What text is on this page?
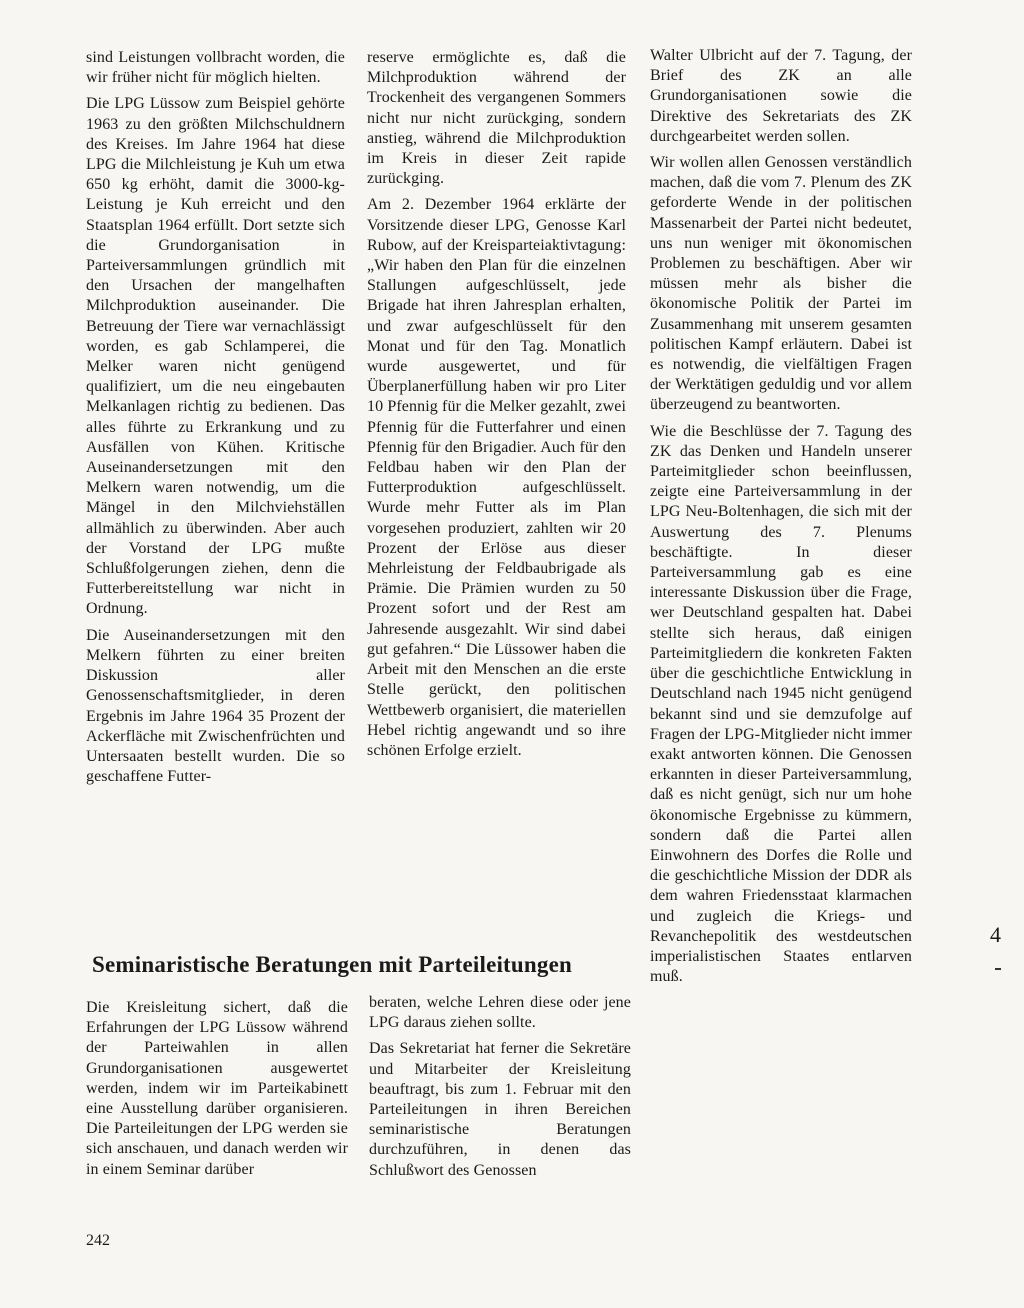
sind Leistungen vollbracht worden, die wir früher nicht für möglich hielten.

Die LPG Lüssow zum Beispiel gehörte 1963 zu den größten Milchschuldnern des Kreises. Im Jahre 1964 hat diese LPG die Milchleistung je Kuh um etwa 650 kg erhöht, damit die 3000-kg-Leistung je Kuh erreicht und den Staatsplan 1964 erfüllt. Dort setzte sich die Grundorganisation in Parteiversammlungen gründlich mit den Ursachen der mangelhaften Milchproduktion auseinander. Die Betreuung der Tiere war vernachlässigt worden, es gab Schlamperei, die Melker waren nicht genügend qualifiziert, um die neu eingebauten Melkanlagen richtig zu bedienen. Das alles führte zu Erkrankung und zu Ausfällen von Kühen. Kritische Auseinandersetzungen mit den Melkern waren notwendig, um die Mängel in den Milchviehställen allmählich zu überwinden. Aber auch der Vorstand der LPG mußte Schlußfolgerungen ziehen, denn die Futterbereitstellung war nicht in Ordnung.

Die Auseinandersetzungen mit den Melkern führten zu einer breiten Diskussion aller Genossenschaftsmitglieder, in deren Ergebnis im Jahre 1964 35 Prozent der Ackerfläche mit Zwischenfrüchten und Untersaaten bestellt wurden. Die so geschaffene Futter-

reserve ermöglichte es, daß die Milchproduktion während der Trockenheit des vergangenen Sommers nicht nur nicht zurückging, sondern anstieg, während die Milchproduktion im Kreis in dieser Zeit rapide zurückging.

Am 2. Dezember 1964 erklärte der Vorsitzende dieser LPG, Genosse Karl Rubow, auf der Kreisparteiaktivtagung: „Wir haben den Plan für die einzelnen Stallungen aufgeschlüsselt, jede Brigade hat ihren Jahresplan erhalten, und zwar aufgeschlüsselt für den Monat und für den Tag. Monatlich wurde ausgewertet, und für Überplanerfüllung haben wir pro Liter 10 Pfennig für die Melker gezahlt, zwei Pfennig für die Futterfahrer und einen Pfennig für den Brigadier. Auch für den Feldbau haben wir den Plan der Futterproduktion aufgeschlüsselt. Wurde mehr Futter als im Plan vorgesehen produziert, zahlten wir 20 Prozent der Erlöse aus dieser Mehrleistung der Feldbaubrigade als Prämie. Die Prämien wurden zu 50 Prozent sofort und der Rest am Jahresende ausgezahlt. Wir sind dabei gut gefahren.“ Die Lüssower haben die Arbeit mit den Menschen an die erste Stelle gerückt, den politischen Wettbewerb organisiert, die materiellen Hebel richtig angewandt und so ihre schönen Erfolge erzielt.

Walter Ulbricht auf der 7. Tagung, der Brief des ZK an alle Grundorganisationen sowie die Direktive des Sekretariats des ZK durchgearbeitet werden sollen.

Wir wollen allen Genossen verständlich machen, daß die vom 7. Plenum des ZK geforderte Wende in der politischen Massenarbeit der Partei nicht bedeutet, uns nun weniger mit ökonomischen Problemen zu beschäftigen. Aber wir müssen mehr als bisher die ökonomische Politik der Partei im Zusammenhang mit unserem gesamten politischen Kampf erläutern. Dabei ist es notwendig, die vielfältigen Fragen der Werktätigen geduldig und vor allem überzeugend zu beantworten.

Wie die Beschlüsse der 7. Tagung des ZK das Denken und Handeln unserer Parteimitglieder schon beeinflussen, zeigte eine Parteiversammlung in der LPG Neu-Boltenhagen, die sich mit der Auswertung des 7. Plenums beschäftigte. In dieser Parteiversammlung gab es eine interessante Diskussion über die Frage, wer Deutschland gespalten hat. Dabei stellte sich heraus, daß einigen Parteimitgliedern die konkreten Fakten über die geschichtliche Entwicklung in Deutschland nach 1945 nicht genügend bekannt sind und sie demzufolge auf Fragen der LPG-Mitglieder nicht immer exakt antworten können. Die Genossen erkannten in dieser Parteiversammlung, daß es nicht genügt, sich nur um hohe ökonomische Ergebnisse zu kümmern, sondern daß die Partei allen Einwohnern des Dorfes die Rolle und die geschichtliche Mission der DDR als dem wahren Friedensstaat klarmachen und zugleich die Kriegs- und Revanchepolitik des westdeutschen imperialistischen Staates entlarven muß.

Seminaristische Beratungen mit Parteileitungen

Die Kreisleitung sichert, daß die Erfahrungen der LPG Lüssow während der Parteiwahlen in allen Grundorganisationen ausgewertet werden, indem wir im Parteikabinett eine Ausstellung darüber organisieren. Die Parteileitungen der LPG werden sie sich anschauen, und danach werden wir in einem Seminar darüber

beraten, welche Lehren diese oder jene LPG daraus ziehen sollte.

Das Sekretariat hat ferner die Sekretäre und Mitarbeiter der Kreisleitung beauftragt, bis zum 1. Februar mit den Parteileitungen in ihren Bereichen seminaristische Beratungen durchzuführen, in denen das Schlußwort des Genossen

242
4
